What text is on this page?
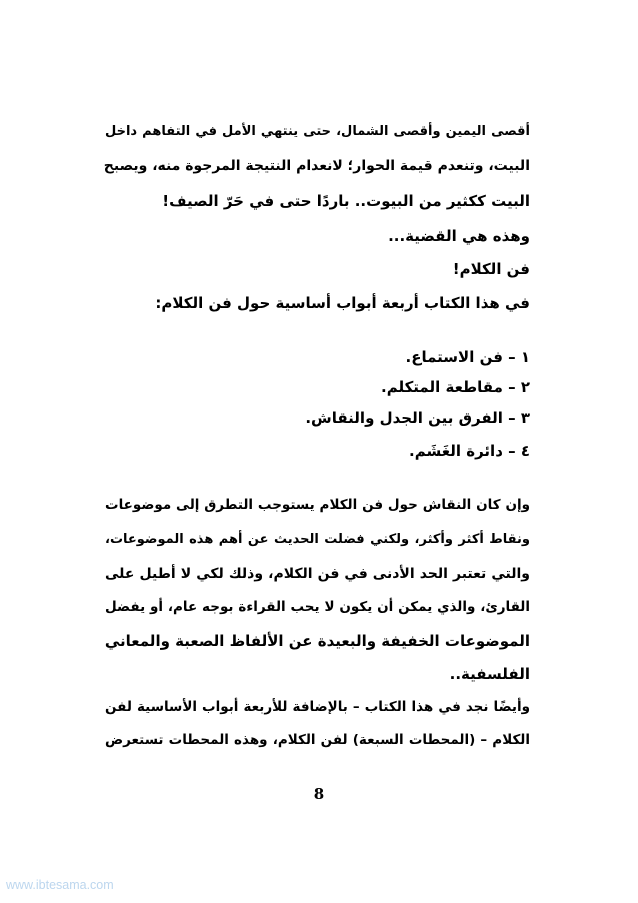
أقصى اليمين وأقصى الشمال، حتى ينتهي الأمل في التفاهم داخل
البيت، وتنعدم قيمة الحوار؛ لانعدام النتيجة المرجوة منه، ويصبح
البيت ككثير من البيوت.. باردًا حتى في حَرّ الصيف!
وهذه هي القضية...
فن الكلام!
في هذا الكتاب أربعة أبواب أساسية حول فن الكلام:
١ – فن الاستماع.
٢ – مقاطعة المتكلم.
٣ – الفرق بين الجدل والنقاش.
٤ – دائرة الغَشَم.
وإن كان النقاش حول فن الكلام يستوجب التطرق إلى موضوعات
ونقاط أكثر وأكثر، ولكني فضلت الحديث عن أهم هذه الموضوعات،
والتي تعتبر الحد الأدنى في فن الكلام، وذلك لكي لا أطيل على
القارئ، والذي يمكن أن يكون لا يحب القراءة بوجه عام، أو يفضل
الموضوعات الخفيفة والبعيدة عن الألفاظ الصعبة والمعاني
الفلسفية..
وأيضًا نجد في هذا الكتاب – بالإضافة للأربعة أبواب الأساسية لفن
الكلام – (المحطات السبعة) لفن الكلام، وهذه المحطات تستعرض
8
www.ibtesama.com
